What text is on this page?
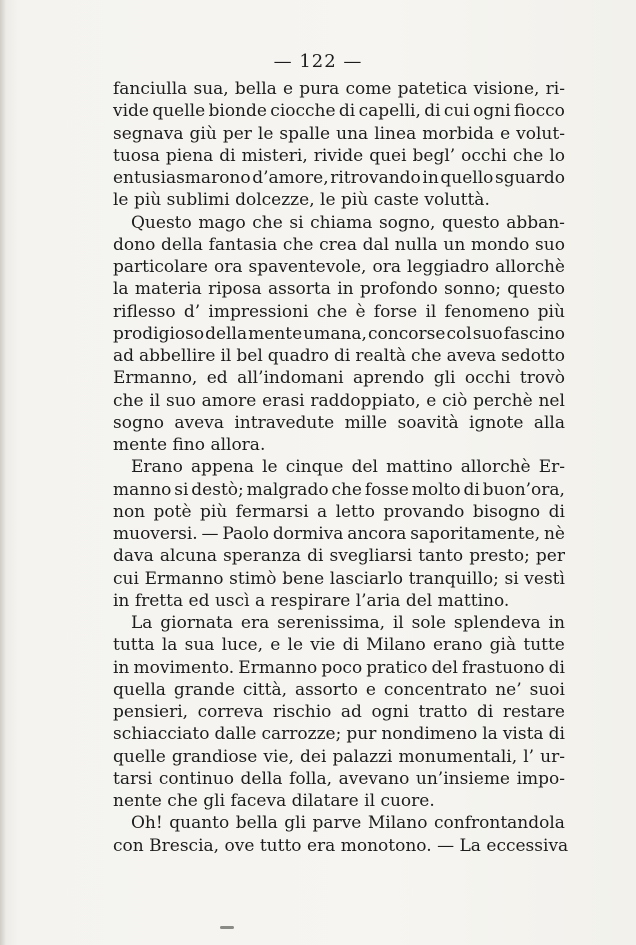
— 122 —

fanciulla sua, bella e pura come patetica visione, ri-
vide quelle bionde ciocche di capelli, di cui ogni fiocco
segnava giù per le spalle una linea morbida e volut-
tuosa piena di misteri, rivide quei begl’ occhi che lo
entusiasmarono d’amore, ritrovando in quello sguardo
le più sublimi dolcezze, le più caste voluttà.

Questo mago che si chiama sogno, questo abban-
dono della fantasia che crea dal nulla un mondo suo
particolare ora spaventevole, ora leggiadro allorchè
la materia riposa assorta in profondo sonno; questo
riflesso d’ impressioni che è forse il fenomeno più
prodigioso della mente umana, concorse col suo fascino
ad abbellire il bel quadro di realtà che aveva sedotto
Ermanno, ed all’indomani aprendo gli occhi trovò
che il suo amore erasi raddoppiato, e ciò perchè nel
sogno aveva intravedute mille soavità ignote alla
mente fino allora.

Erano appena le cinque del mattino allorchè Er-
manno si destò; malgrado che fosse molto di buon’ora,
non potè più fermarsi a letto provando bisogno di
muoversi. — Paolo dormiva ancora saporitamente, nè
dava alcuna speranza di svegliarsi tanto presto; per
cui Ermanno stimò bene lasciarlo tranquillo; si vestì
in fretta ed uscì a respirare l’aria del mattino.

La giornata era serenissima, il sole splendeva in
tutta la sua luce, e le vie di Milano erano già tutte
in movimento. Ermanno poco pratico del frastuono di
quella grande città, assorto e concentrato ne’ suoi
pensieri, correva rischio ad ogni tratto di restare
schiacciato dalle carrozze; pur nondimeno la vista di
quelle grandiose vie, dei palazzi monumentali, l’ ur-
tarsi continuo della folla, avevano un’insieme impo-
nente che gli faceva dilatare il cuore.

Oh! quanto bella gli parve Milano confrontandola
con Brescia, ove tutto era monotono. — La eccessiva
